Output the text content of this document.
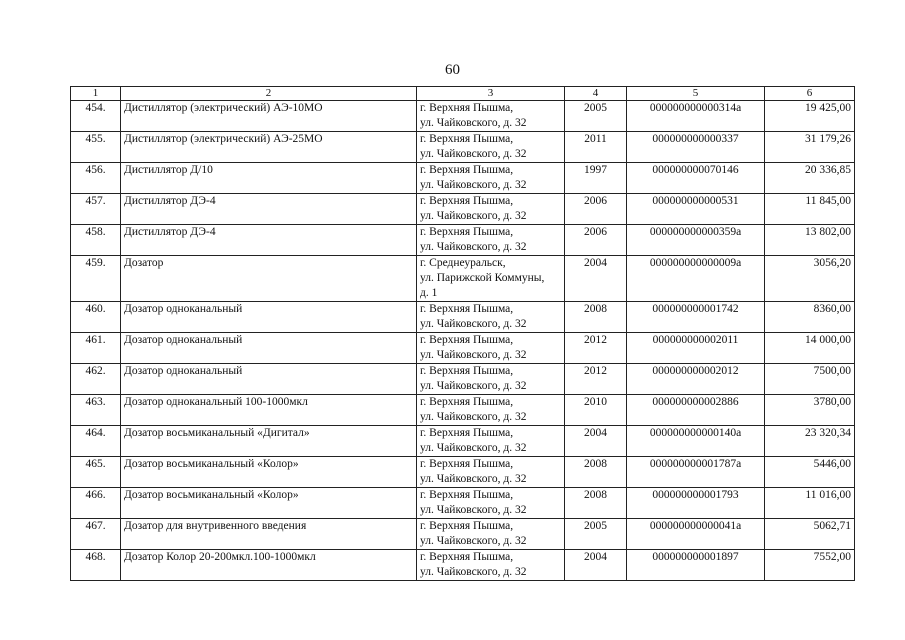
60
1	2	3	4	5	6
454.	Дистиллятор (электрический) АЭ-10МО	г. Верхняя Пышма,
ул. Чайковского, д. 32	2005	000000000000314а	19 425,00
455.	Дистиллятор (электрический) АЭ-25МО	г. Верхняя Пышма,
ул. Чайковского, д. 32	2011	000000000000337	31 179,26
456.	Дистиллятор Д/10	г. Верхняя Пышма,
ул. Чайковского, д. 32	1997	000000000070146	20 336,85
457.	Дистиллятор ДЭ-4	г. Верхняя Пышма,
ул. Чайковского, д. 32	2006	000000000000531	11 845,00
458.	Дистиллятор ДЭ-4	г. Верхняя Пышма,
ул. Чайковского, д. 32	2006	000000000000359а	13 802,00
459.	Дозатор	г. Среднеуральск,
ул. Парижской Коммуны,
д. 1	2004	000000000000009а	3056,20
460.	Дозатор одноканальный	г. Верхняя Пышма,
ул. Чайковского, д. 32	2008	000000000001742	8360,00
461.	Дозатор одноканальный	г. Верхняя Пышма,
ул. Чайковского, д. 32	2012	000000000002011	14 000,00
462.	Дозатор одноканальный	г. Верхняя Пышма,
ул. Чайковского, д. 32	2012	000000000002012	7500,00
463.	Дозатор одноканальный 100-1000мкл	г. Верхняя Пышма,
ул. Чайковского, д. 32	2010	000000000002886	3780,00
464.	Дозатор восьмиканальный «Дигитал»	г. Верхняя Пышма,
ул. Чайковского, д. 32	2004	000000000000140а	23 320,34
465.	Дозатор восьмиканальный «Колор»	г. Верхняя Пышма,
ул. Чайковского, д. 32	2008	000000000001787а	5446,00
466.	Дозатор восьмиканальный «Колор»	г. Верхняя Пышма,
ул. Чайковского, д. 32	2008	000000000001793	11 016,00
467.	Дозатор для внутривенного введения	г. Верхняя Пышма,
ул. Чайковского, д. 32	2005	000000000000041а	5062,71
468.	Дозатор Колор 20-200мкл.100-1000мкл	г. Верхняя Пышма,
ул. Чайковского, д. 32	2004	000000000001897	7552,00
